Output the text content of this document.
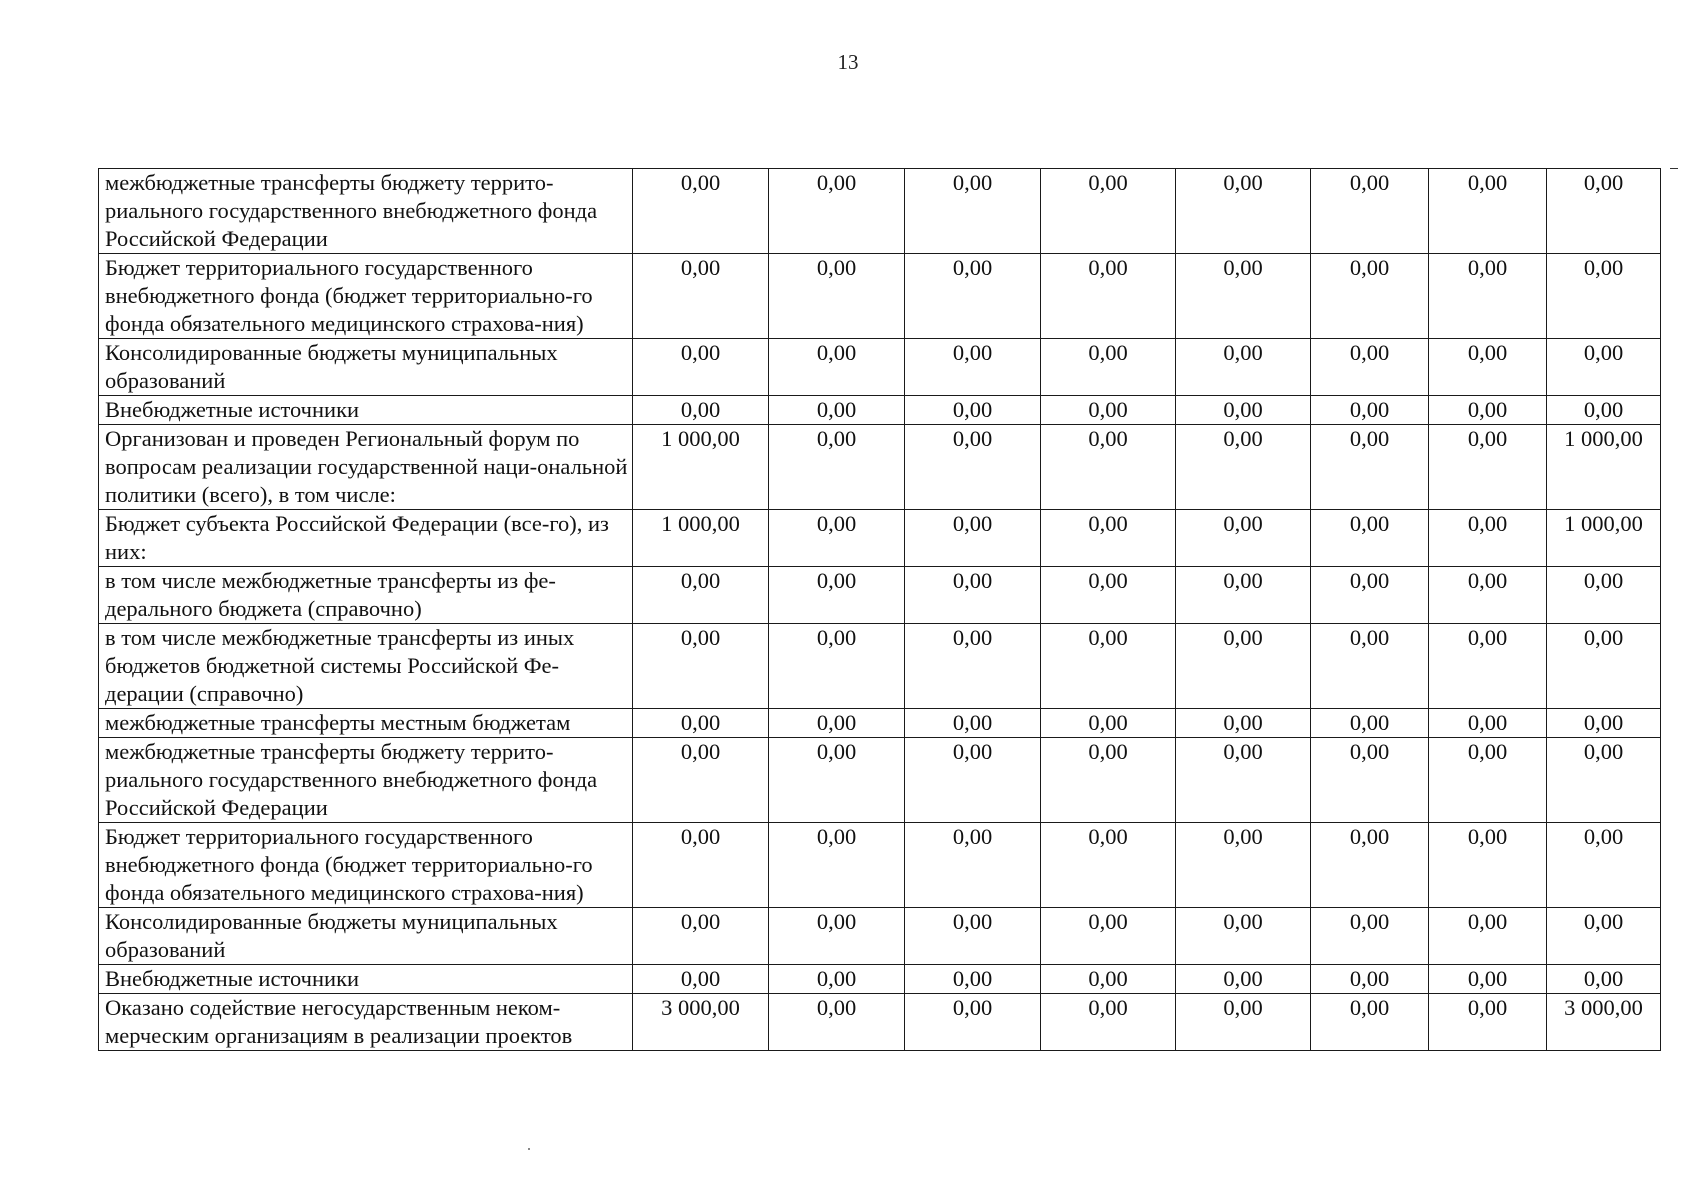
13
межбюджетные трансферты бюджету террито-риального государственного внебюджетного фонда Российской Федерации	0,00	0,00	0,00	0,00	0,00	0,00	0,00	0,00
Бюджет территориального государственного внебюджетного фонда (бюджет территориально-го фонда обязательного медицинского страхова-ния)	0,00	0,00	0,00	0,00	0,00	0,00	0,00	0,00
Консолидированные бюджеты муниципальных образований	0,00	0,00	0,00	0,00	0,00	0,00	0,00	0,00
Внебюджетные источники	0,00	0,00	0,00	0,00	0,00	0,00	0,00	0,00
Организован и проведен Региональный форум по вопросам реализации государственной наци-ональной политики (всего), в том числе:	1 000,00	0,00	0,00	0,00	0,00	0,00	0,00	1 000,00
Бюджет субъекта Российской Федерации (все-го), из них:	1 000,00	0,00	0,00	0,00	0,00	0,00	0,00	1 000,00
в том числе межбюджетные трансферты из фе-дерального бюджета (справочно)	0,00	0,00	0,00	0,00	0,00	0,00	0,00	0,00
в том числе межбюджетные трансферты из иных бюджетов бюджетной системы Российской Фе-дерации (справочно)	0,00	0,00	0,00	0,00	0,00	0,00	0,00	0,00
межбюджетные трансферты местным бюджетам	0,00	0,00	0,00	0,00	0,00	0,00	0,00	0,00
межбюджетные трансферты бюджету террито-риального государственного внебюджетного фонда Российской Федерации	0,00	0,00	0,00	0,00	0,00	0,00	0,00	0,00
Бюджет территориального государственного внебюджетного фонда (бюджет территориально-го фонда обязательного медицинского страхова-ния)	0,00	0,00	0,00	0,00	0,00	0,00	0,00	0,00
Консолидированные бюджеты муниципальных образований	0,00	0,00	0,00	0,00	0,00	0,00	0,00	0,00
Внебюджетные источники	0,00	0,00	0,00	0,00	0,00	0,00	0,00	0,00
Оказано содействие негосударственным неком-мерческим организациям в реализации проектов	3 000,00	0,00	0,00	0,00	0,00	0,00	0,00	3 000,00
